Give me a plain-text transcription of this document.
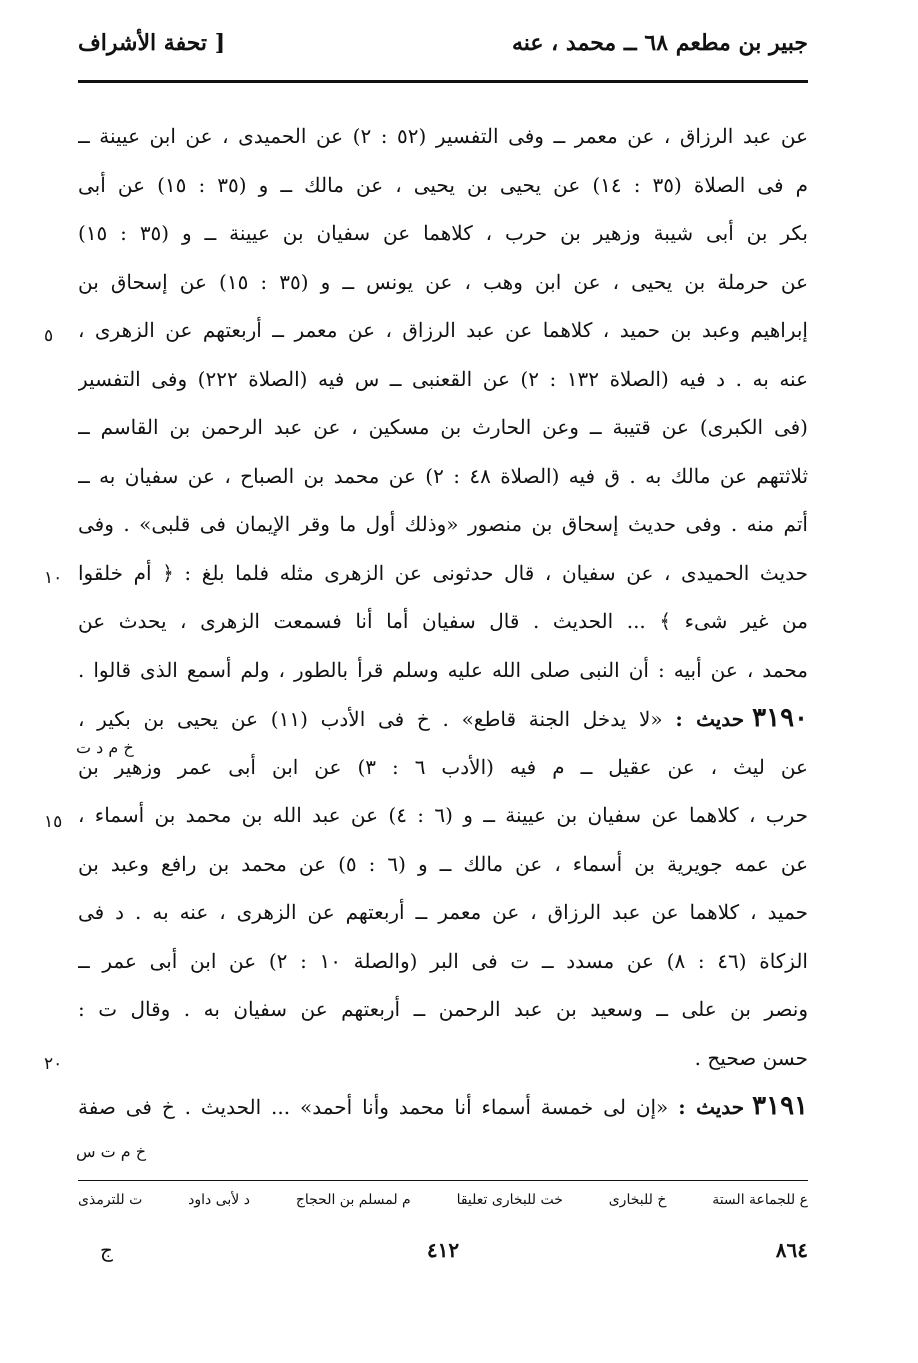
جبير بن مطعم ٦٨ ــ محمد ، عنه
[ تحفة الأشراف
عن عبد الرزاق ، عن معمر ــ وفى التفسير (٥٢ : ٢) عن الحميدى ، عن ابن عيينة ــ
م فى الصلاة (٣٥ : ١٤) عن يحيى بن يحيى ، عن مالك ــ و (٣٥ : ١٥) عن أبى
بكر بن أبى شيبة وزهير بن حرب ، كلاهما عن سفيان بن عيينة ــ و (٣٥ : ١٥)
عن حرملة بن يحيى ، عن ابن وهب ، عن يونس ــ و (٣٥ : ١٥) عن إسحاق بن
إبراهيم وعبد بن حميد ، كلاهما عن عبد الرزاق ، عن معمر ــ أربعتهم عن الزهرى ،
عنه به . د فيه (الصلاة ١٣٢ : ٢) عن القعنبى ــ س فيه (الصلاة ٢٢٢) وفى التفسير
(فى الكبرى) عن قتيبة ــ وعن الحارث بن مسكين ، عن عبد الرحمن بن القاسم ــ
ثلاثتهم عن مالك به . ق فيه (الصلاة ٤٨ : ٢) عن محمد بن الصباح ، عن سفيان به ــ
أتم منه . وفى حديث إسحاق بن منصور «وذلك أول ما وقر الإيمان فى قلبى» . وفى
حديث الحميدى ، عن سفيان ، قال حدثونى عن الزهرى مثله فلما بلغ : ﴿ أم خلقوا
من غير شىء ﴾ ... الحديث . قال سفيان أما أنا فسمعت الزهرى ، يحدث عن
محمد ، عن أبيه : أن النبى صلى الله عليه وسلم قرأ بالطور ، ولم أسمع الذى قالوا .
٣١٩٠حديث : «لا يدخل الجنة قاطع» . خ فى الأدب (١١) عن يحيى بن بكير ،
عن ليث ، عن عقيل ــ م فيه (الأدب ٦ : ٣) عن ابن أبى عمر وزهير بن
حرب ، كلاهما عن سفيان بن عيينة ــ و (٦ : ٤) عن عبد الله بن محمد بن أسماء ،
عن عمه جويرية بن أسماء ، عن مالك ــ و (٦ : ٥) عن محمد بن رافع وعبد بن
حميد ، كلاهما عن عبد الرزاق ، عن معمر ــ أربعتهم عن الزهرى ، عنه به . د فى
الزكاة (٤٦ : ٨) عن مسدد ــ ت فى البر (والصلة ١٠ : ٢) عن ابن أبى عمر ــ
ونصر بن على ــ وسعيد بن عبد الرحمن ــ أربعتهم عن سفيان به . وقال ت :
حسن صحيح .
٣١٩١حديث : «إن لى خمسة أسماء أنا محمد وأنا أحمد» ... الحديث . خ فى صفة
٥
١٠
خ م د ت
١٥
٢٠
خ م ت س
ع للجماعة الستة
خ للبخارى
خت للبخارى تعليقا
م لمسلم بن الحجاج
د لأبى داود
ت للترمذى
٨٦٤
٤١٢
ج
